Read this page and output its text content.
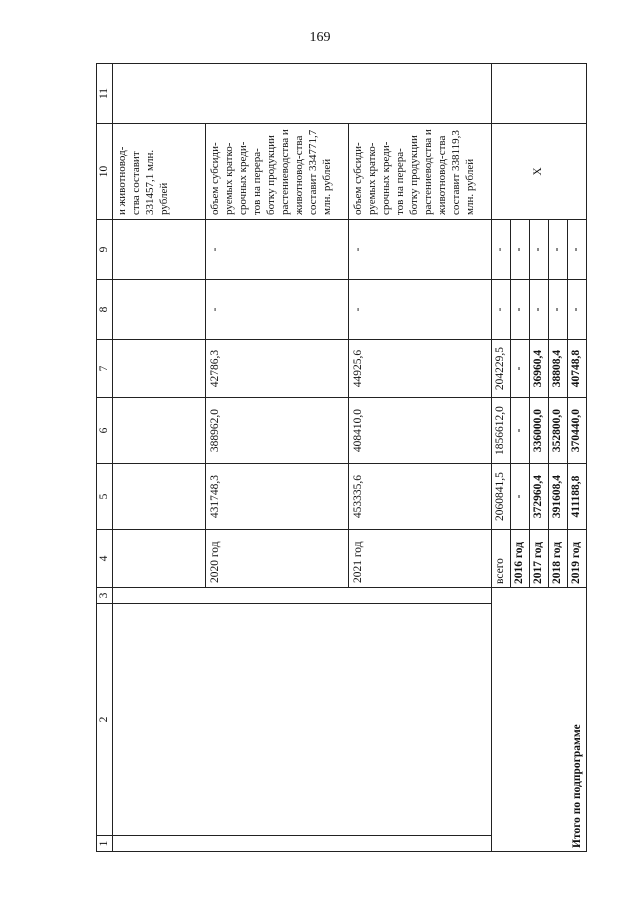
169
1	2	3	4	5	6	7	8	9	10	11
									и животновод-ства составит 331457,1 млн. рублей	
			2020 год	431748,3	388962,0	42786,3	-	-	объем субсиди-руемых кратко-срочных креди-тов на перера-ботку продукции растениеводства и животновод-ства составит 334771,7 млн. рублей	
			2021 год	453335,6	408410,0	44925,6	-	-	объем субсиди-руемых кратко-срочных креди-тов на перера-ботку продукции растениеводства и животновод-ства составит 338119,3 млн. рублей	
Итого по подпрограмме			всего	2060841,5	1856612,0	204229,5	-	-	X	
			2016 год	-	-	-	-	-		
			2017 год	372960,4	336000,0	36960,4	-	-		
			2018 год	391608,4	352800,0	38808,4	-	-		
			2019 год	411188,8	370440,0	40748,8	-	-		
